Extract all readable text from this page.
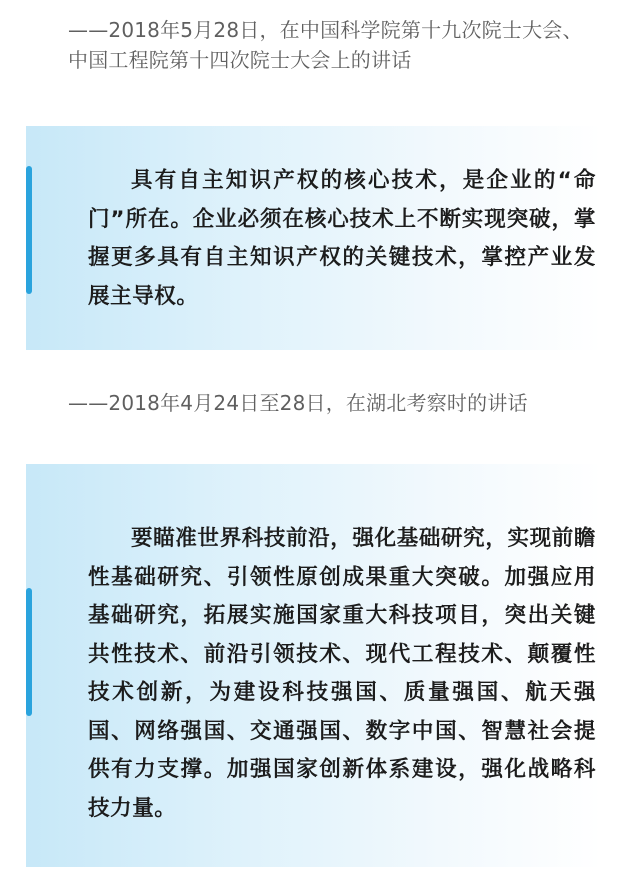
——2018年5月28日，在中国科学院第十九次院士大会、中国工程院第十四次院士大会上的讲话

具有自主知识产权的核心技术，是企业的“命门”所在。企业必须在核心技术上不断实现突破，掌握更多具有自主知识产权的关键技术，掌控产业发展主导权。

——2018年4月24日至28日，在湖北考察时的讲话

要瞄准世界科技前沿，强化基础研究，实现前瞻性基础研究、引领性原创成果重大突破。加强应用基础研究，拓展实施国家重大科技项目，突出关键共性技术、前沿引领技术、现代工程技术、颠覆性技术创新，为建设科技强国、质量强国、航天强国、网络强国、交通强国、数字中国、智慧社会提供有力支撑。加强国家创新体系建设，强化战略科技力量。
